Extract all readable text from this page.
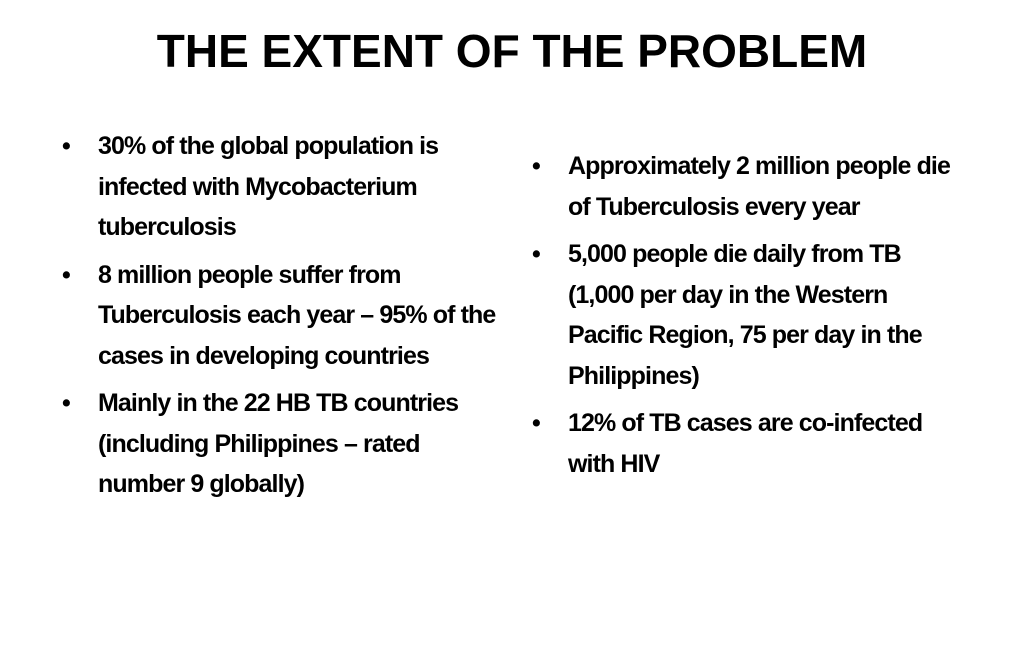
THE EXTENT OF THE PROBLEM
• 30% of the global population is infected with Mycobacterium tuberculosis
• 8 million people suffer from Tuberculosis each year – 95% of the cases in developing countries
• Mainly in the 22 HB TB countries (including Philippines – rated number 9 globally)
• Approximately 2 million people die of Tuberculosis every year
• 5,000 people die daily from TB (1,000 per day in the Western Pacific Region, 75 per day in the Philippines)
• 12% of TB cases are co-infected with HIV
